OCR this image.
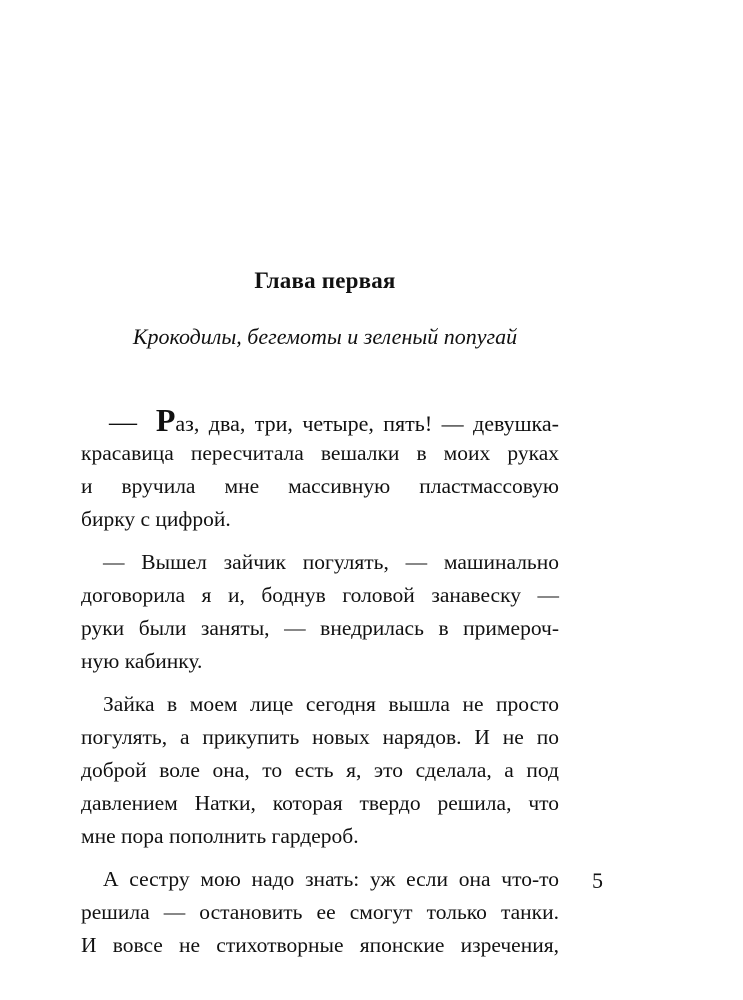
Глава первая
Крокодилы, бегемоты и зеленый попугай
— Раз, два, три, четыре, пять! — девушка-
красавица пересчитала вешалки в моих руках
и вручила мне массивную пластмассовую
бирку с цифрой.
— Вышел зайчик погулять, — машинально
договорила я и, боднув головой занавеску —
руки были заняты, — внедрилась в примероч-
ную кабинку.
Зайка в моем лице сегодня вышла не просто
погулять, а прикупить новых нарядов. И не по
доброй воле она, то есть я, это сделала, а под
давлением Натки, которая твердо решила, что
мне пора пополнить гардероб.
А сестру мою надо знать: уж если она что-то
решила — остановить ее смогут только танки.
И вовсе не стихотворные японские изречения,
5
